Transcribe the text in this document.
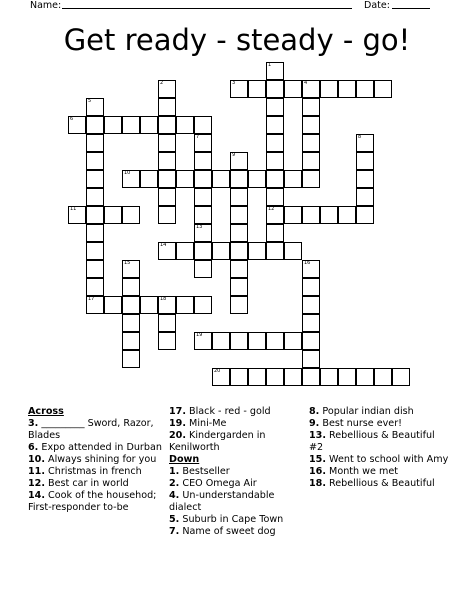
Name:	Date:
Get ready - steady - go!
1
12
2	3	4
5
6
7
13
8
9
10
11
14
15	16
17	18
19
20
Across
3. _________ Sword, Razor, Blades
6. Expo attended in Durban
10. Always shining for you
11. Christmas in french
12. Best car in world
14. Cook of the househod; First-responder to-be
17. Black - red - gold
19. Mini-Me
20. Kindergarden in Kenilworth
Down
1. Bestseller
2. CEO Omega Air
4. Un-understandable dialect
5. Suburb in Cape Town
7. Name of sweet dog
8. Popular indian dish
9. Best nurse ever!
13. Rebellious & Beautiful #2
15. Went to school with Amy
16. Month we met
18. Rebellious & Beautiful
